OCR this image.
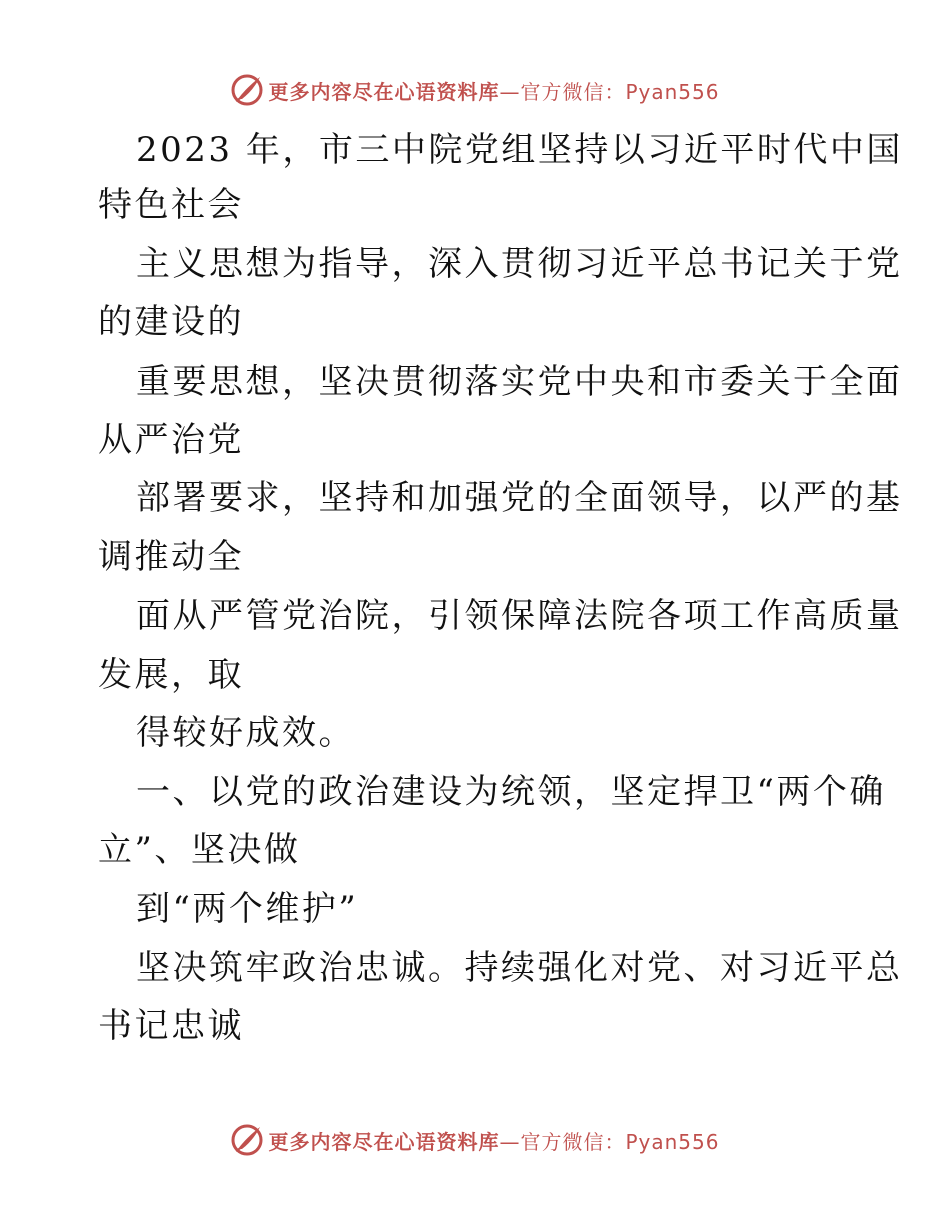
更多内容尽在心语资料库—官方微信：Pyan556
2023 年，市三中院党组坚持以习近平时代中国
特色社会
主义思想为指导，深入贯彻习近平总书记关于党
的建设的
重要思想，坚决贯彻落实党中央和市委关于全面
从严治党
部署要求，坚持和加强党的全面领导，以严的基
调推动全
面从严管党治院，引领保障法院各项工作高质量
发展，取
得较好成效。
一、以党的政治建设为统领，坚定捍卫“两个确
立”、坚决做
到“两个维护”
坚决筑牢政治忠诚。持续强化对党、对习近平总
书记忠诚
更多内容尽在心语资料库—官方微信：Pyan556
